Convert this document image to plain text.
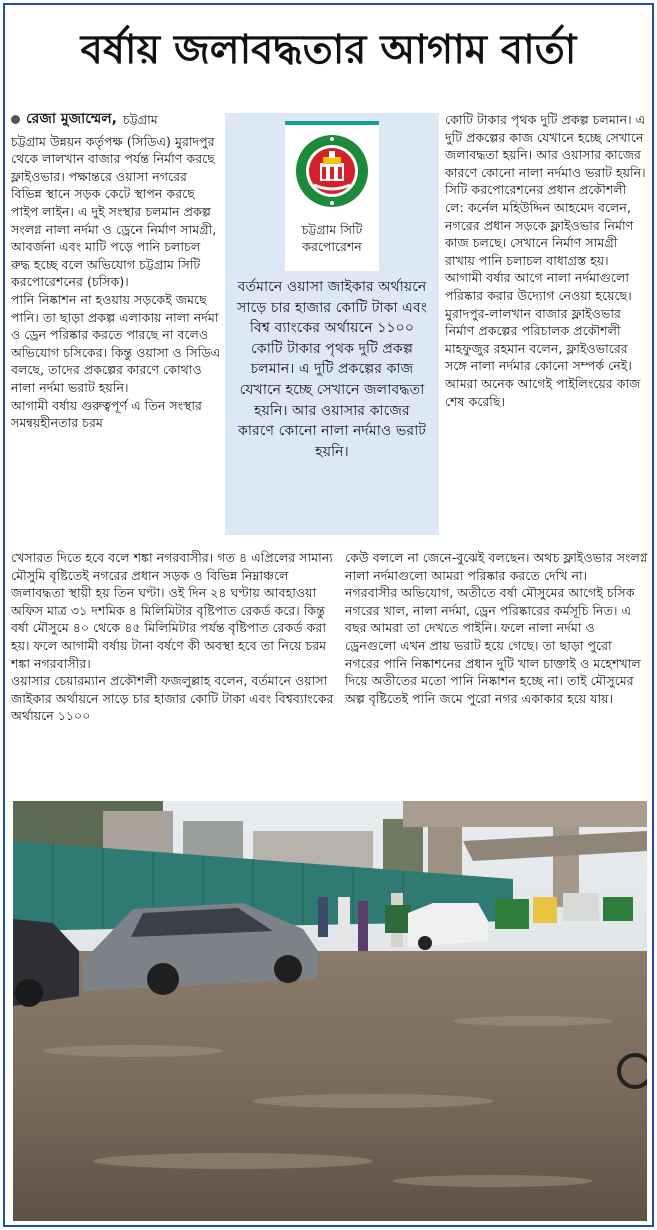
বর্ষায় জলাবদ্ধতার আগাম বার্তা
রেজা মুজাম্মেল, চট্টগ্রাম

চট্টগ্রাম উন্নয়ন কর্তৃপক্ষ (সিডিএ) মুরাদপুর থেকে লালখান বাজার পর্যন্ত নির্মাণ করছে ফ্লাইওভার। পক্ষান্তরে ওয়াসা নগরের বিভিন্ন স্থানে সড়ক কেটে স্থাপন করছে পাইপ লাইন। এ দুই সংস্থার চলমান প্রকল্প সংলগ্ন নালা নর্দমা ও ড্রেনে নির্মাণ সামগ্রী, আবর্জনা এবং মাটি পড়ে পানি চলাচল রুদ্ধ হচ্ছে বলে অভিযোগ চট্টগ্রাম সিটি করপোরেশনের (চসিক)।

পানি নিষ্কাশন না হওয়ায় সড়কেই জমছে পানি। তা ছাড়া প্রকল্প এলাকায় নালা নর্দমা ও ড্রেন পরিষ্কার করতে পারছে না বলেও অভিযোগ চসিকের। কিন্তু ওয়াসা ও সিডিএ বলছে, তাদের প্রকল্পের কারণে কোথাও নালা নর্দমা ভরাট হয়নি।

আগামী বর্ষায় গুরুত্বপূর্ণ এ তিন সংস্থার সমন্বয়হীনতার চরম

চট্টগ্রাম সিটি করপোরেশন
বর্তমানে ওয়াসা জাইকার অর্থায়নে সাড়ে চার হাজার কোটি টাকা এবং বিশ্ব ব্যাংকের অর্থায়নে ১১০০ কোটি টাকার পৃথক দুটি প্রকল্প চলমান। এ দুটি প্রকল্পের কাজ যেখানে হচ্ছে সেখানে জলাবদ্ধতা হয়নি। আর ওয়াসার কাজের কারণে কোনো নালা নর্দমাও ভরাট হয়নি।

কোটি টাকার পৃথক দুটি প্রকল্প চলমান। এ দুটি প্রকল্পের কাজ যেখানে হচ্ছে সেখানে জলাবদ্ধতা হয়নি। আর ওয়াসার কাজের কারণে কোনো নালা নর্দমাও ভরাট হয়নি।

সিটি করপোরেশনের প্রধান প্রকৌশলী লে: কর্নেল মহিউদ্দিন আহমেদ বলেন, নগরের প্রধান সড়কে ফ্লাইওভার নির্মাণ কাজ চলছে। সেখানে নির্মাণ সামগ্রী রাখায় পানি চলাচল বাধাগ্রস্ত হয়।

আগামী বর্ষার আগে নালা নর্দমাগুলো পরিষ্কার করার উদ্যোগ নেওয়া হয়েছে।

মুরাদপুর-লালখান বাজার ফ্লাইওভার নির্মাণ প্রকল্পের পরিচালক প্রকৌশলী মাহফুজুর রহমান বলেন, ফ্লাইওভারের সঙ্গে নালা নর্দমার কোনো সম্পর্ক নেই। আমরা অনেক আগেই পাইলিংয়ের কাজ শেষ করেছি।

খেসারত দিতে হবে বলে শঙ্কা নগরবাসীর। গত ৪ এপ্রিলের সামান্য মৌসুমি বৃষ্টিতেই নগরের প্রধান সড়ক ও বিভিন্ন নিম্নাঞ্চলে জলাবদ্ধতা স্থায়ী হয় তিন ঘণ্টা। ওই দিন ২৪ ঘণ্টায় আবহাওয়া অফিস মাত্র ৩১ দশমিক ৪ মিলিমিটার বৃষ্টিপাত রেকর্ড করে। কিন্তু বর্ষা মৌসুমে ৪০ থেকে ৪৫ মিলিমিটার পর্যন্ত বৃষ্টিপাত রেকর্ড করা হয়। ফলে আগামী বর্ষায় টানা বর্ষণে কী অবস্থা হবে তা নিয়ে চরম শঙ্কা নগরবাসীর।

ওয়াসার চেয়ারম্যান প্রকৌশলী ফজলুল্লাহ বলেন, বর্তমানে ওয়াসা জাইকার অর্থায়নে সাড়ে চার হাজার কোটি টাকা এবং বিশ্বব্যাংকের অর্থায়নে ১১০০

কেউ বললে না জেনে-বুঝেই বলছেন। অথচ ফ্লাইওভার সংলগ্ন নালা নর্দমাগুলো আমরা পরিষ্কার করতে দেখি না।

নগরবাসীর অভিযোগ, অতীতে বর্ষা মৌসুমের আগেই চসিক নগরের খাল, নালা নর্দমা, ড্রেন পরিষ্কারের কর্মসূচি নিত। এ বছর আমরা তা দেখতে পাইনি। ফলে নালা নর্দমা ও ড্রেনগুলো এখন প্রায় ভরাট হয়ে গেছে। তা ছাড়া পুরো নগরের পানি নিষ্কাশনের প্রধান দুটি খাল চাক্তাই ও মহেশখাল দিয়ে অতীতের মতো পানি নিষ্কাশন হচ্ছে না। তাই মৌসুমের অল্প বৃষ্টিতেই পানি জমে পুরো নগর একাকার হয়ে যায়।
